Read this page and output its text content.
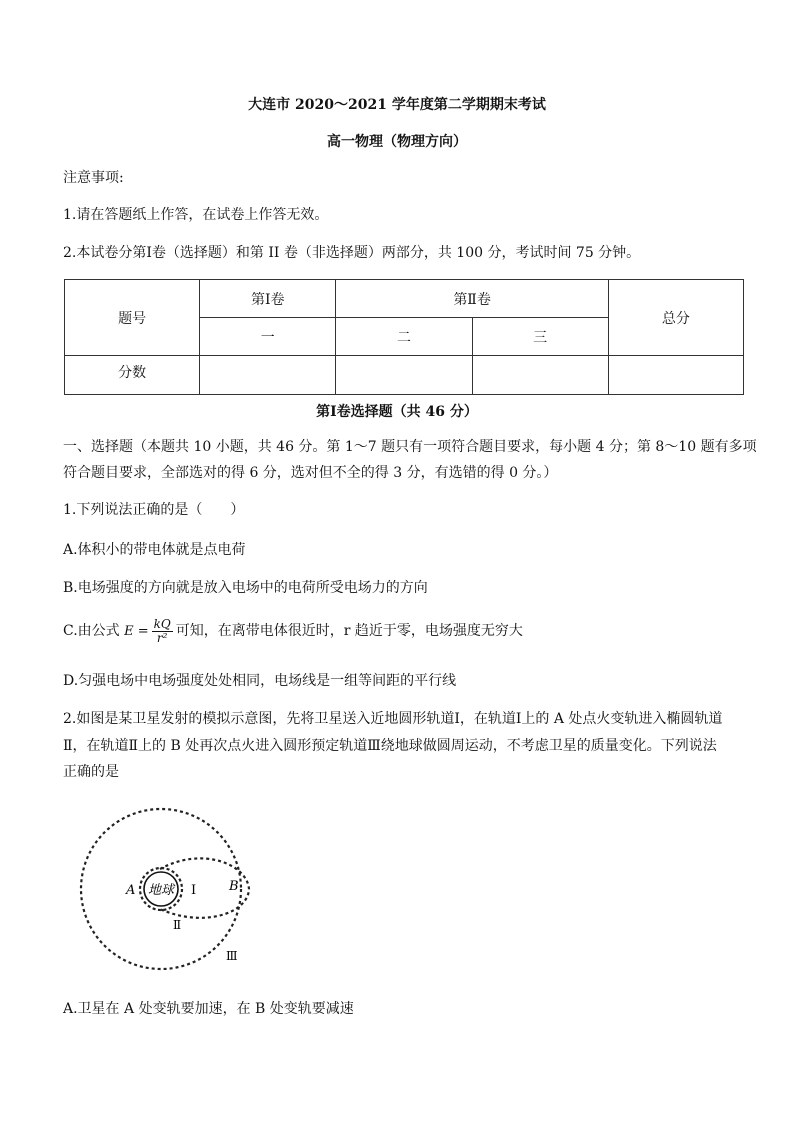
大连市 2020～2021 学年度第二学期期末考试
高一物理（物理方向）
注意事项:
1.请在答题纸上作答，在试卷上作答无效。
2.本试卷分第Ⅰ卷（选择题）和第 II 卷（非选择题）两部分，共 100 分，考试时间 75 分钟。
题号	第Ⅰ卷	第Ⅱ卷		总分
	一	二	三	
分数				
第Ⅰ卷选择题（共 46 分）
一、选择题（本题共 10 小题，共 46 分。第 1～7 题只有一项符合题目要求，每小题 4 分；第 8～10 题有多项
符合题目要求，全部选对的得 6 分，选对但不全的得 3 分，有选错的得 0 分。）
1.下列说法正确的是（　　）
A.体积小的带电体就是点电荷
B.电场强度的方向就是放入电场中的电荷所受电场力的方向
C.由公式 $E = \frac{kQ}{\text{r²}}$ 可知，在离带电体很近时，r 趋近于零，电场强度无穷大
D.匀强电场中电场强度处处相同，电场线是一组等间距的平行线
2.如图是某卫星发射的模拟示意图，先将卫星送入近地圆形轨道Ⅰ，在轨道Ⅰ上的 A 处点火变轨进入椭圆轨道
Ⅱ，在轨道Ⅱ上的 B 处再次点火进入圆形预定轨道Ⅲ绕地球做圆周运动，不考虑卫星的质量变化。下列说法
正确的是
地球
A	B
Ⅰ
Ⅱ
Ⅲ
A.卫星在 A 处变轨要加速，在 B 处变轨要减速
